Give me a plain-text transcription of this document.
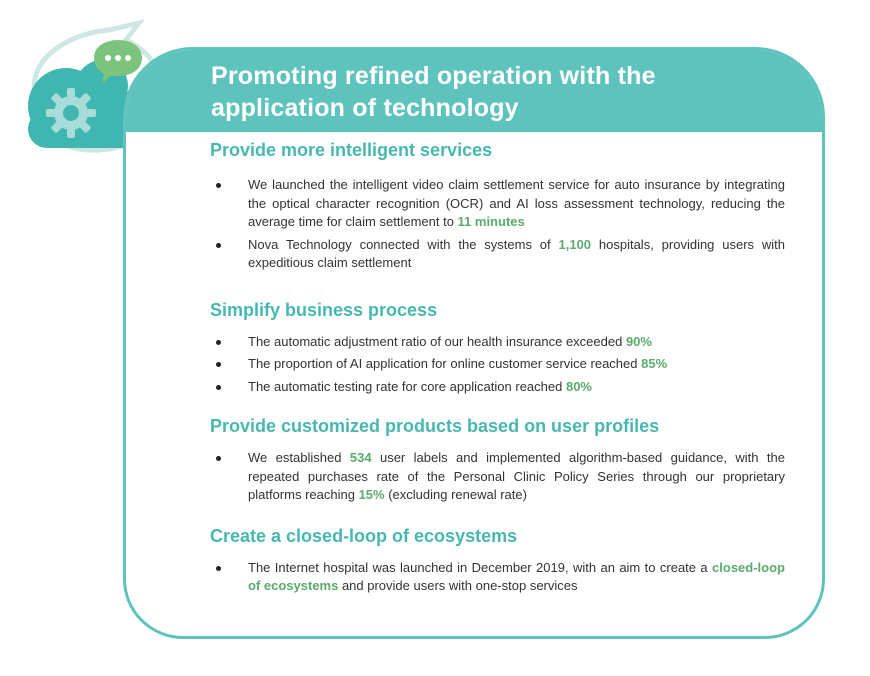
Promoting refined operation with the
application of technology
Provide more intelligent services
We launched the intelligent video claim settlement service for auto insurance by integrating the optical character recognition (OCR) and AI loss assessment technology, reducing the average time for claim settlement to 11 minutes
Nova Technology connected with the systems of 1,100 hospitals, providing users with expeditious claim settlement
Simplify business process
The automatic adjustment ratio of our health insurance exceeded 90%
The proportion of AI application for online customer service reached 85%
The automatic testing rate for core application reached 80%
Provide customized products based on user profiles
We established 534 user labels and implemented algorithm-based guidance, with the repeated purchases rate of the Personal Clinic Policy Series through our proprietary platforms reaching 15% (excluding renewal rate)
Create a closed-loop of ecosystems
The Internet hospital was launched in December 2019, with an aim to create a closed-loop of ecosystems and provide users with one-stop services
